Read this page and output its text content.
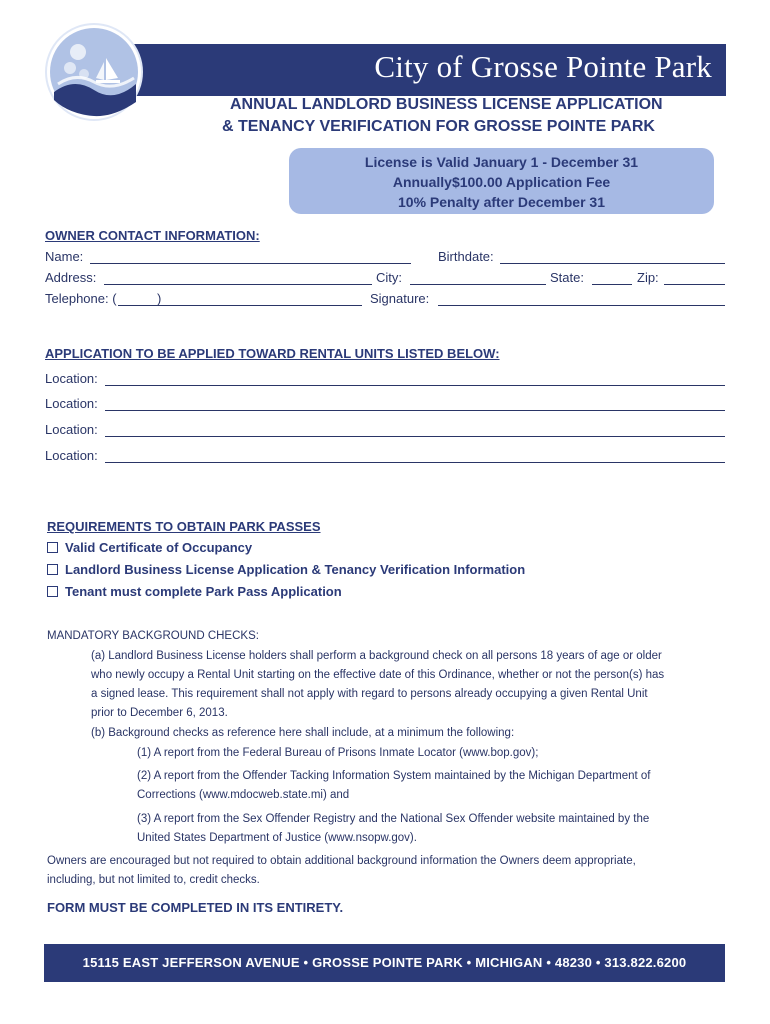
City of Grosse Pointe Park
ANNUAL LANDLORD BUSINESS LICENSE APPLICATION
& TENANCY VERIFICATION FOR GROSSE POINTE PARK
License is Valid January 1 - December 31
Annually$100.00 Application Fee
10% Penalty after December 31
OWNER CONTACT INFORMATION:
Name:	Birthdate:
Address:	City:	State:	Zip:
Telephone: (	)	Signature:
APPLICATION TO BE APPLIED TOWARD RENTAL UNITS LISTED BELOW:
Location:
Location:
Location:
Location:
REQUIREMENTS TO OBTAIN PARK PASSES
Valid Certificate of Occupancy
Landlord Business License Application & Tenancy Verification Information
Tenant must complete Park Pass Application
MANDATORY BACKGROUND CHECKS:
(a) Landlord Business License holders shall perform a background check on all persons 18 years of age or older
who newly occupy a Rental Unit starting on the effective date of this Ordinance, whether or not the person(s) has
a signed lease. This requirement shall not apply with regard to persons already occupying a given Rental Unit
prior to December 6, 2013.
(b) Background checks as reference here shall include, at a minimum the following:
(1) A report from the Federal Bureau of Prisons Inmate Locator (www.bop.gov);
(2) A report from the Offender Tacking Information System maintained by the Michigan Department of
Corrections (www.mdocweb.state.mi) and
(3) A report from the Sex Offender Registry and the National Sex Offender website maintained by the
United States Department of Justice (www.nsopw.gov).
Owners are encouraged but not required to obtain additional background information the Owners deem appropriate,
including, but not limited to, credit checks.
FORM MUST BE COMPLETED IN ITS ENTIRETY.
15115 EAST JEFFERSON AVENUE • GROSSE POINTE PARK • MICHIGAN • 48230 • 313.822.6200
